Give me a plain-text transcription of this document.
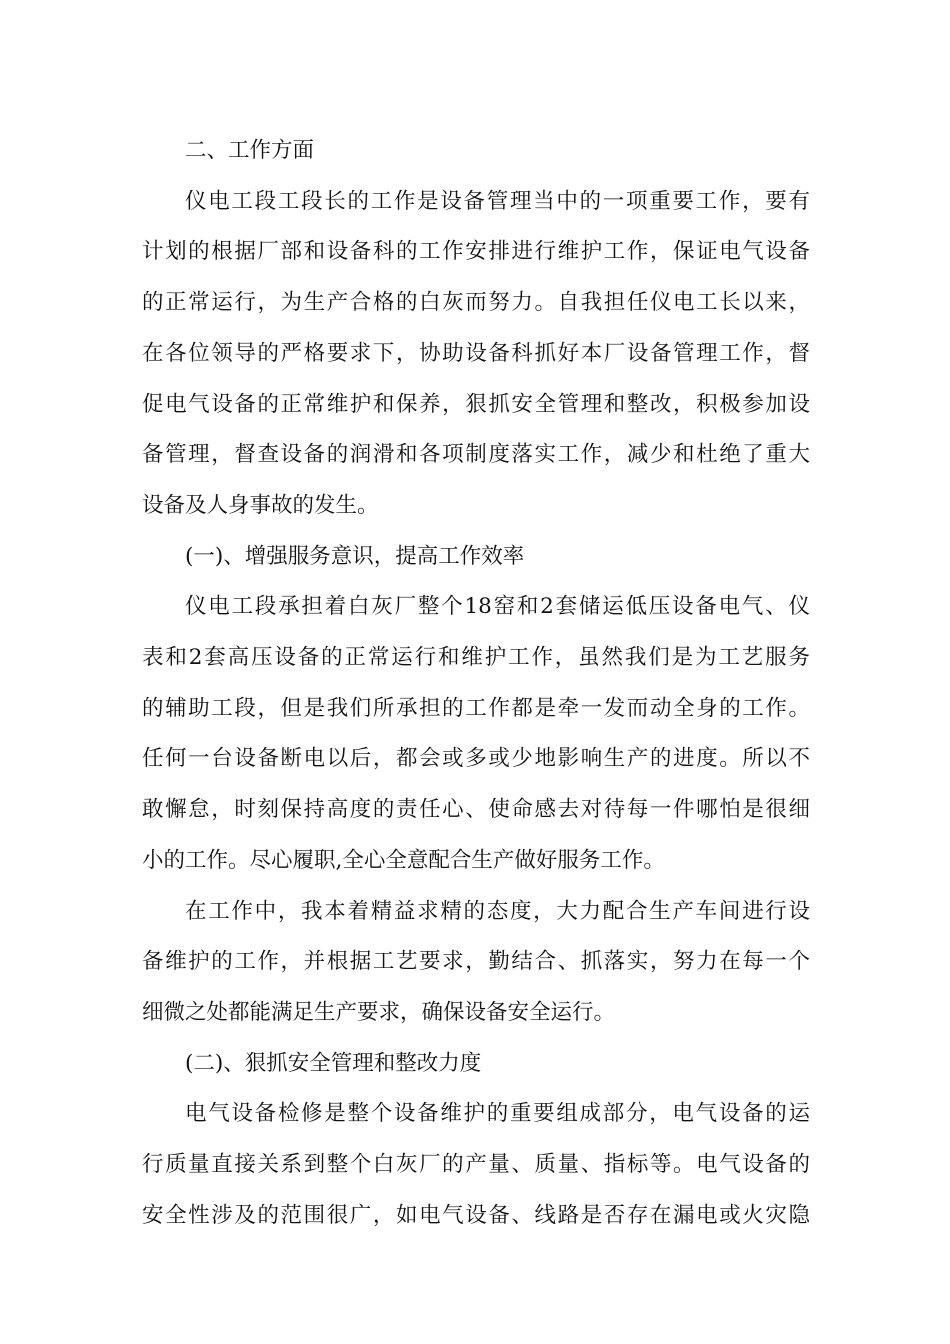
二、工作方面

仪电工段工段长的工作是设备管理当中的一项重要工作，要有
计划的根据厂部和设备科的工作安排进行维护工作，保证电气设备
的正常运行，为生产合格的白灰而努力。自我担任仪电工长以来，
在各位领导的严格要求下，协助设备科抓好本厂设备管理工作，督
促电气设备的正常维护和保养，狠抓安全管理和整改，积极参加设
备管理，督查设备的润滑和各项制度落实工作，减少和杜绝了重大
设备及人身事故的发生。

(一)、增强服务意识，提高工作效率

仪电工段承担着白灰厂整个18窑和2套储运低压设备电气、仪
表和2套高压设备的正常运行和维护工作，虽然我们是为工艺服务
的辅助工段，但是我们所承担的工作都是牵一发而动全身的工作。
任何一台设备断电以后，都会或多或少地影响生产的进度。所以不
敢懈怠，时刻保持高度的责任心、使命感去对待每一件哪怕是很细
小的工作。尽心履职,全心全意配合生产做好服务工作。
在工作中，我本着精益求精的态度，大力配合生产车间进行设
备维护的工作，并根据工艺要求，勤结合、抓落实，努力在每一个
细微之处都能满足生产要求，确保设备安全运行。

(二)、狠抓安全管理和整改力度

电气设备检修是整个设备维护的重要组成部分，电气设备的运
行质量直接关系到整个白灰厂的产量、质量、指标等。电气设备的
安全性涉及的范围很广，如电气设备、线路是否存在漏电或火灾隐
